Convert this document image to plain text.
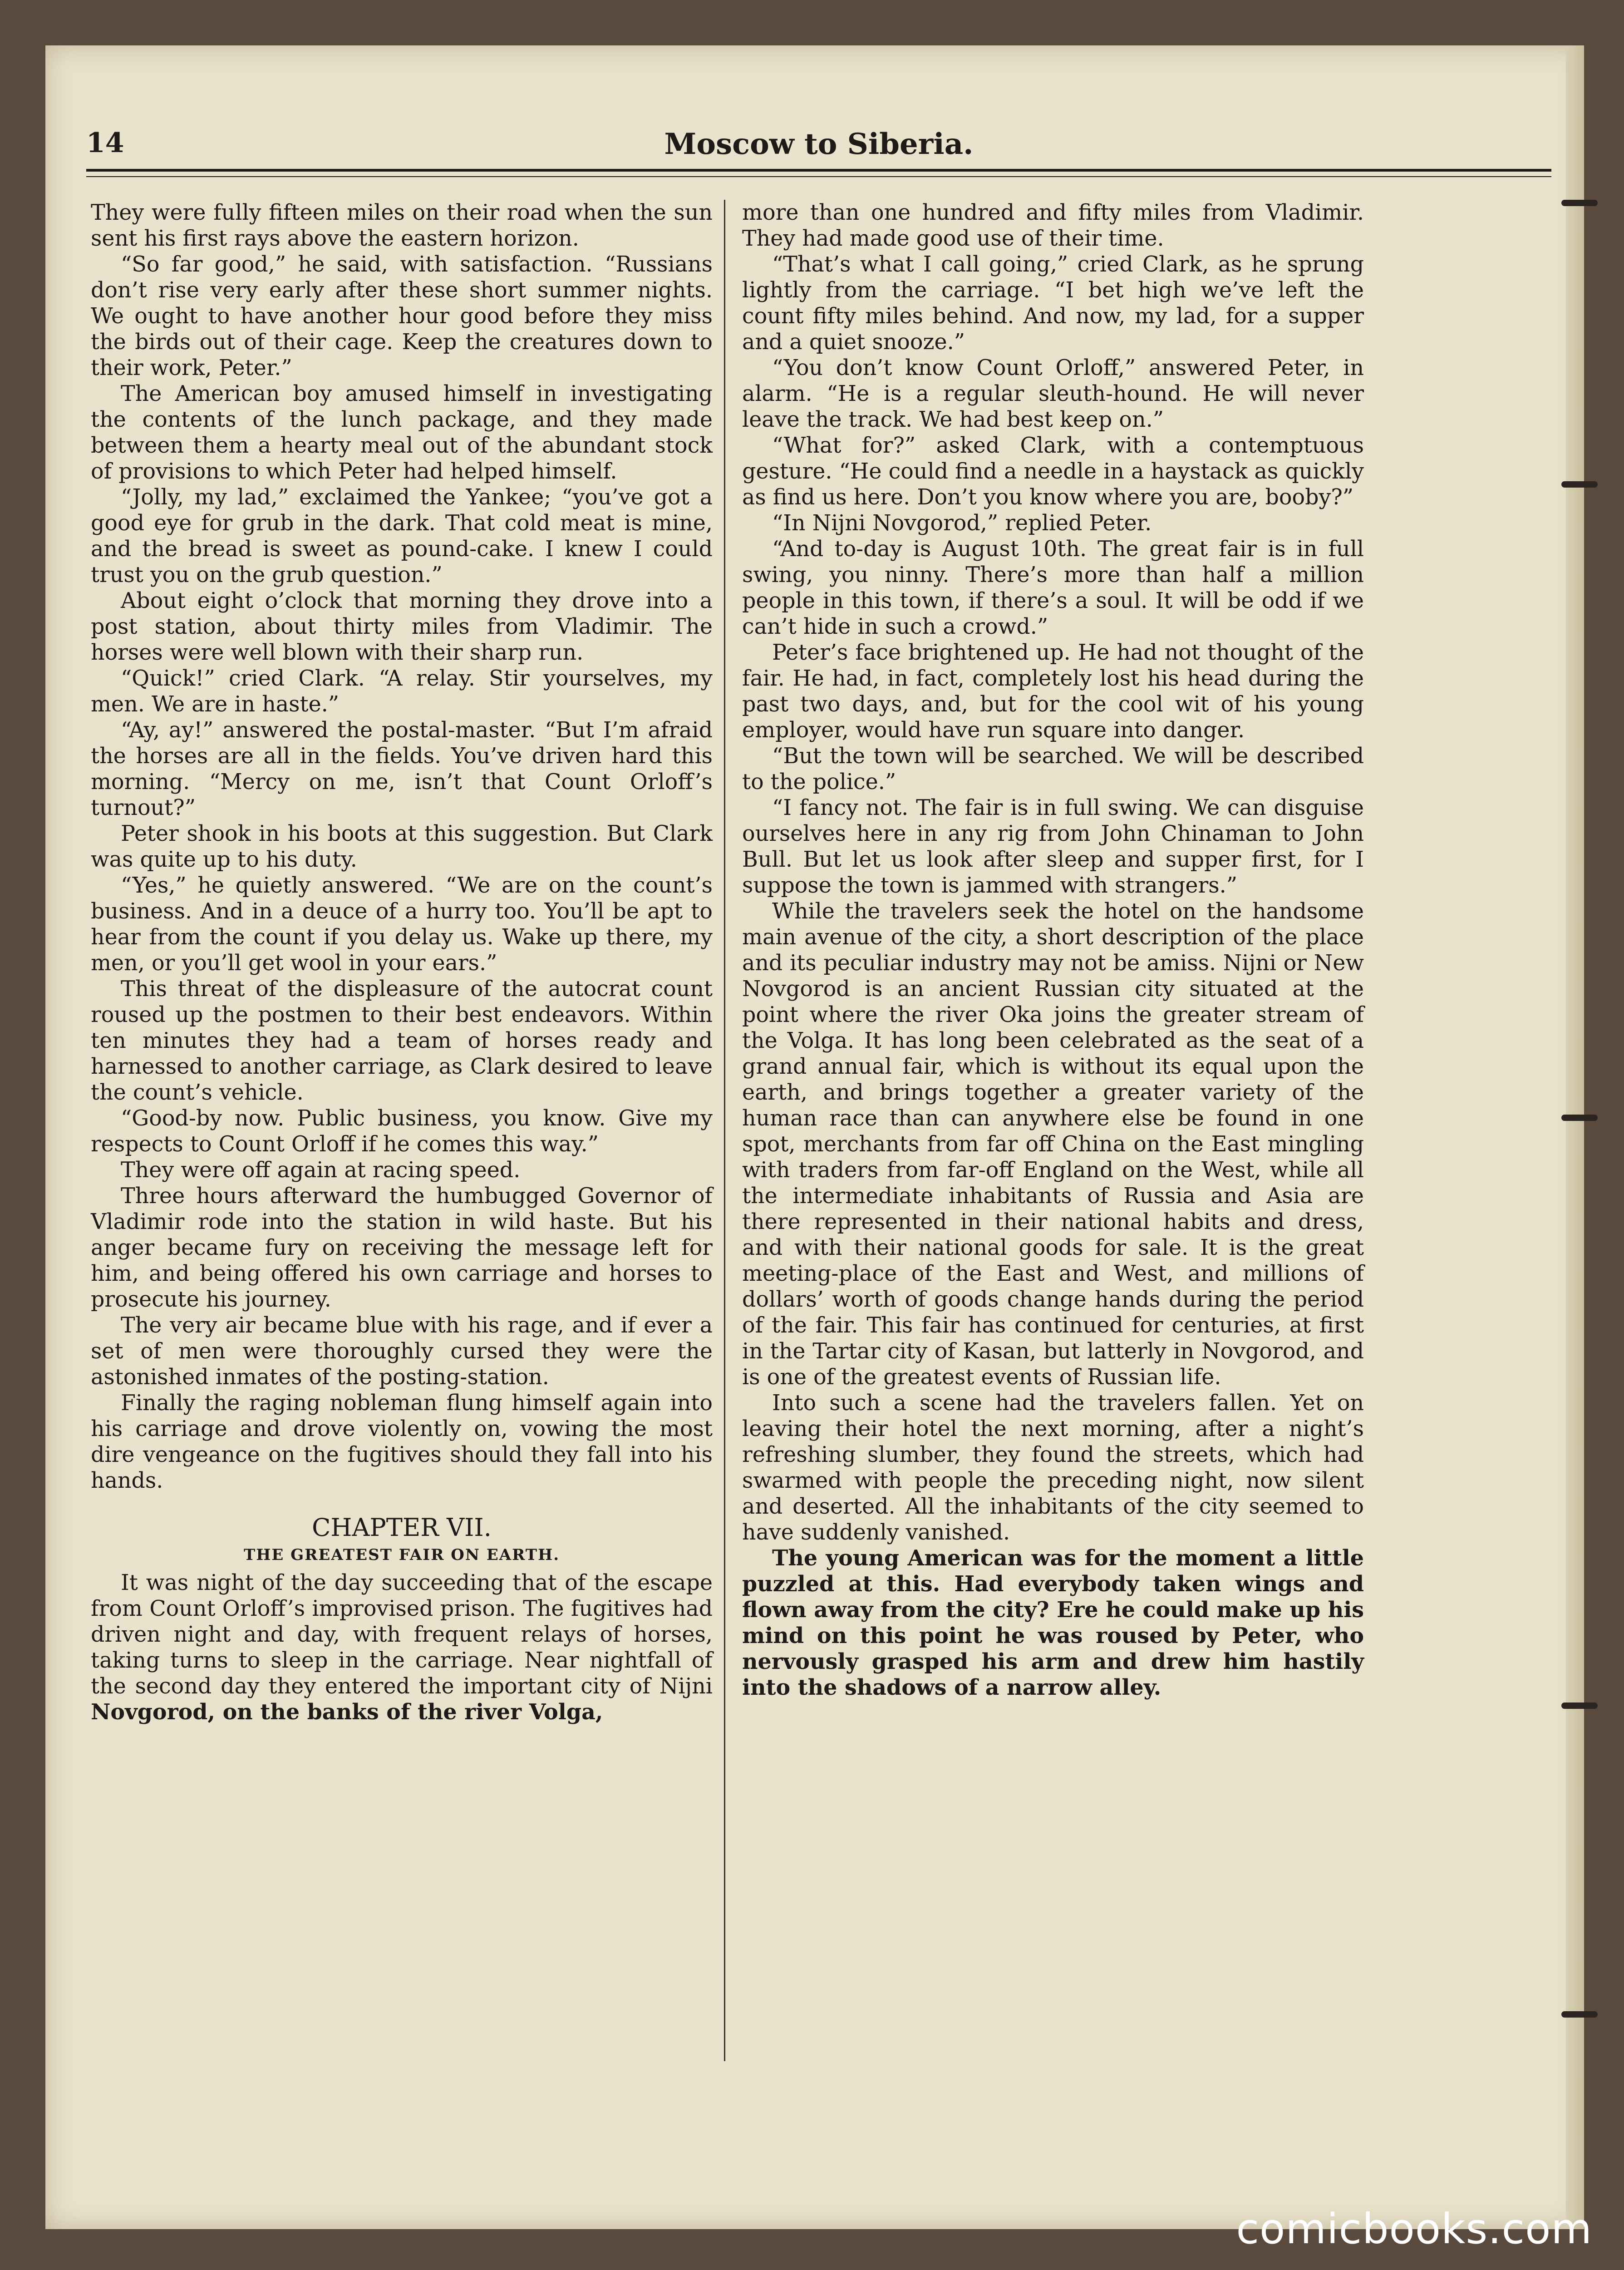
14	Moscow to Siberia.

They were fully fifteen miles on their road when the sun sent his first rays above the eastern horizon.

“So far good,” he said, with satisfaction. “Russians don’t rise very early after these short summer nights. We ought to have another hour good before they miss the birds out of their cage. Keep the creatures down to their work, Peter.”

The American boy amused himself in investigating the contents of the lunch package, and they made between them a hearty meal out of the abundant stock of provisions to which Peter had helped himself.

“Jolly, my lad,” exclaimed the Yankee; “you’ve got a good eye for grub in the dark. That cold meat is mine, and the bread is sweet as pound-cake. I knew I could trust you on the grub question.”

About eight o’clock that morning they drove into a post station, about thirty miles from Vladimir. The horses were well blown with their sharp run.

“Quick!” cried Clark. “A relay. Stir yourselves, my men. We are in haste.”

“Ay, ay!” answered the postal-master. “But I’m afraid the horses are all in the fields. You’ve driven hard this morning. “Mercy on me, isn’t that Count Orloff’s turnout?”

Peter shook in his boots at this suggestion. But Clark was quite up to his duty.

“Yes,” he quietly answered. “We are on the count’s business. And in a deuce of a hurry too. You’ll be apt to hear from the count if you delay us. Wake up there, my men, or you’ll get wool in your ears.”

This threat of the displeasure of the autocrat count roused up the postmen to their best endeavors. Within ten minutes they had a team of horses ready and harnessed to another carriage, as Clark desired to leave the count’s vehicle.

“Good-by now. Public business, you know. Give my respects to Count Orloff if he comes this way.”

They were off again at racing speed.

Three hours afterward the humbugged Governor of Vladimir rode into the station in wild haste. But his anger became fury on receiving the message left for him, and being offered his own carriage and horses to prosecute his journey.

The very air became blue with his rage, and if ever a set of men were thoroughly cursed they were the astonished inmates of the posting-station.

Finally the raging nobleman flung himself again into his carriage and drove violently on, vowing the most dire vengeance on the fugitives should they fall into his hands.

CHAPTER VII.
THE GREATEST FAIR ON EARTH.

It was night of the day succeeding that of the escape from Count Orloff’s improvised prison. The fugitives had driven night and day, with frequent relays of horses, taking turns to sleep in the carriage. Near nightfall of the second day they entered the important city of Nijni Novgorod, on the banks of the river Volga,

more than one hundred and fifty miles from Vladimir. They had made good use of their time.

“That’s what I call going,” cried Clark, as he sprung lightly from the carriage. “I bet high we’ve left the count fifty miles behind. And now, my lad, for a supper and a quiet snooze.”

“You don’t know Count Orloff,” answered Peter, in alarm. “He is a regular sleuth-hound. He will never leave the track. We had best keep on.”

“What for?” asked Clark, with a contemptuous gesture. “He could find a needle in a haystack as quickly as find us here. Don’t you know where you are, booby?”

“In Nijni Novgorod,” replied Peter.

“And to-day is August 10th. The great fair is in full swing, you ninny. There’s more than half a million people in this town, if there’s a soul. It will be odd if we can’t hide in such a crowd.”

Peter’s face brightened up. He had not thought of the fair. He had, in fact, completely lost his head during the past two days, and, but for the cool wit of his young employer, would have run square into danger.

“But the town will be searched. We will be described to the police.”

“I fancy not. The fair is in full swing. We can disguise ourselves here in any rig from John Chinaman to John Bull. But let us look after sleep and supper first, for I suppose the town is jammed with strangers.”

While the travelers seek the hotel on the handsome main avenue of the city, a short description of the place and its peculiar industry may not be amiss. Nijni or New Novgorod is an ancient Russian city situated at the point where the river Oka joins the greater stream of the Volga. It has long been celebrated as the seat of a grand annual fair, which is without its equal upon the earth, and brings together a greater variety of the human race than can anywhere else be found in one spot, merchants from far off China on the East mingling with traders from far-off England on the West, while all the intermediate inhabitants of Russia and Asia are there represented in their national habits and dress, and with their national goods for sale. It is the great meeting-place of the East and West, and millions of dollars’ worth of goods change hands during the period of the fair. This fair has continued for centuries, at first in the Tartar city of Kasan, but latterly in Novgorod, and is one of the greatest events of Russian life.

Into such a scene had the travelers fallen. Yet on leaving their hotel the next morning, after a night’s refreshing slumber, they found the streets, which had swarmed with people the preceding night, now silent and deserted. All the inhabitants of the city seemed to have suddenly vanished.

The young American was for the moment a little puzzled at this. Had everybody taken wings and flown away from the city? Ere he could make up his mind on this point he was roused by Peter, who nervously grasped his arm and drew him hastily into the shadows of a narrow alley.

comicbooks.com
